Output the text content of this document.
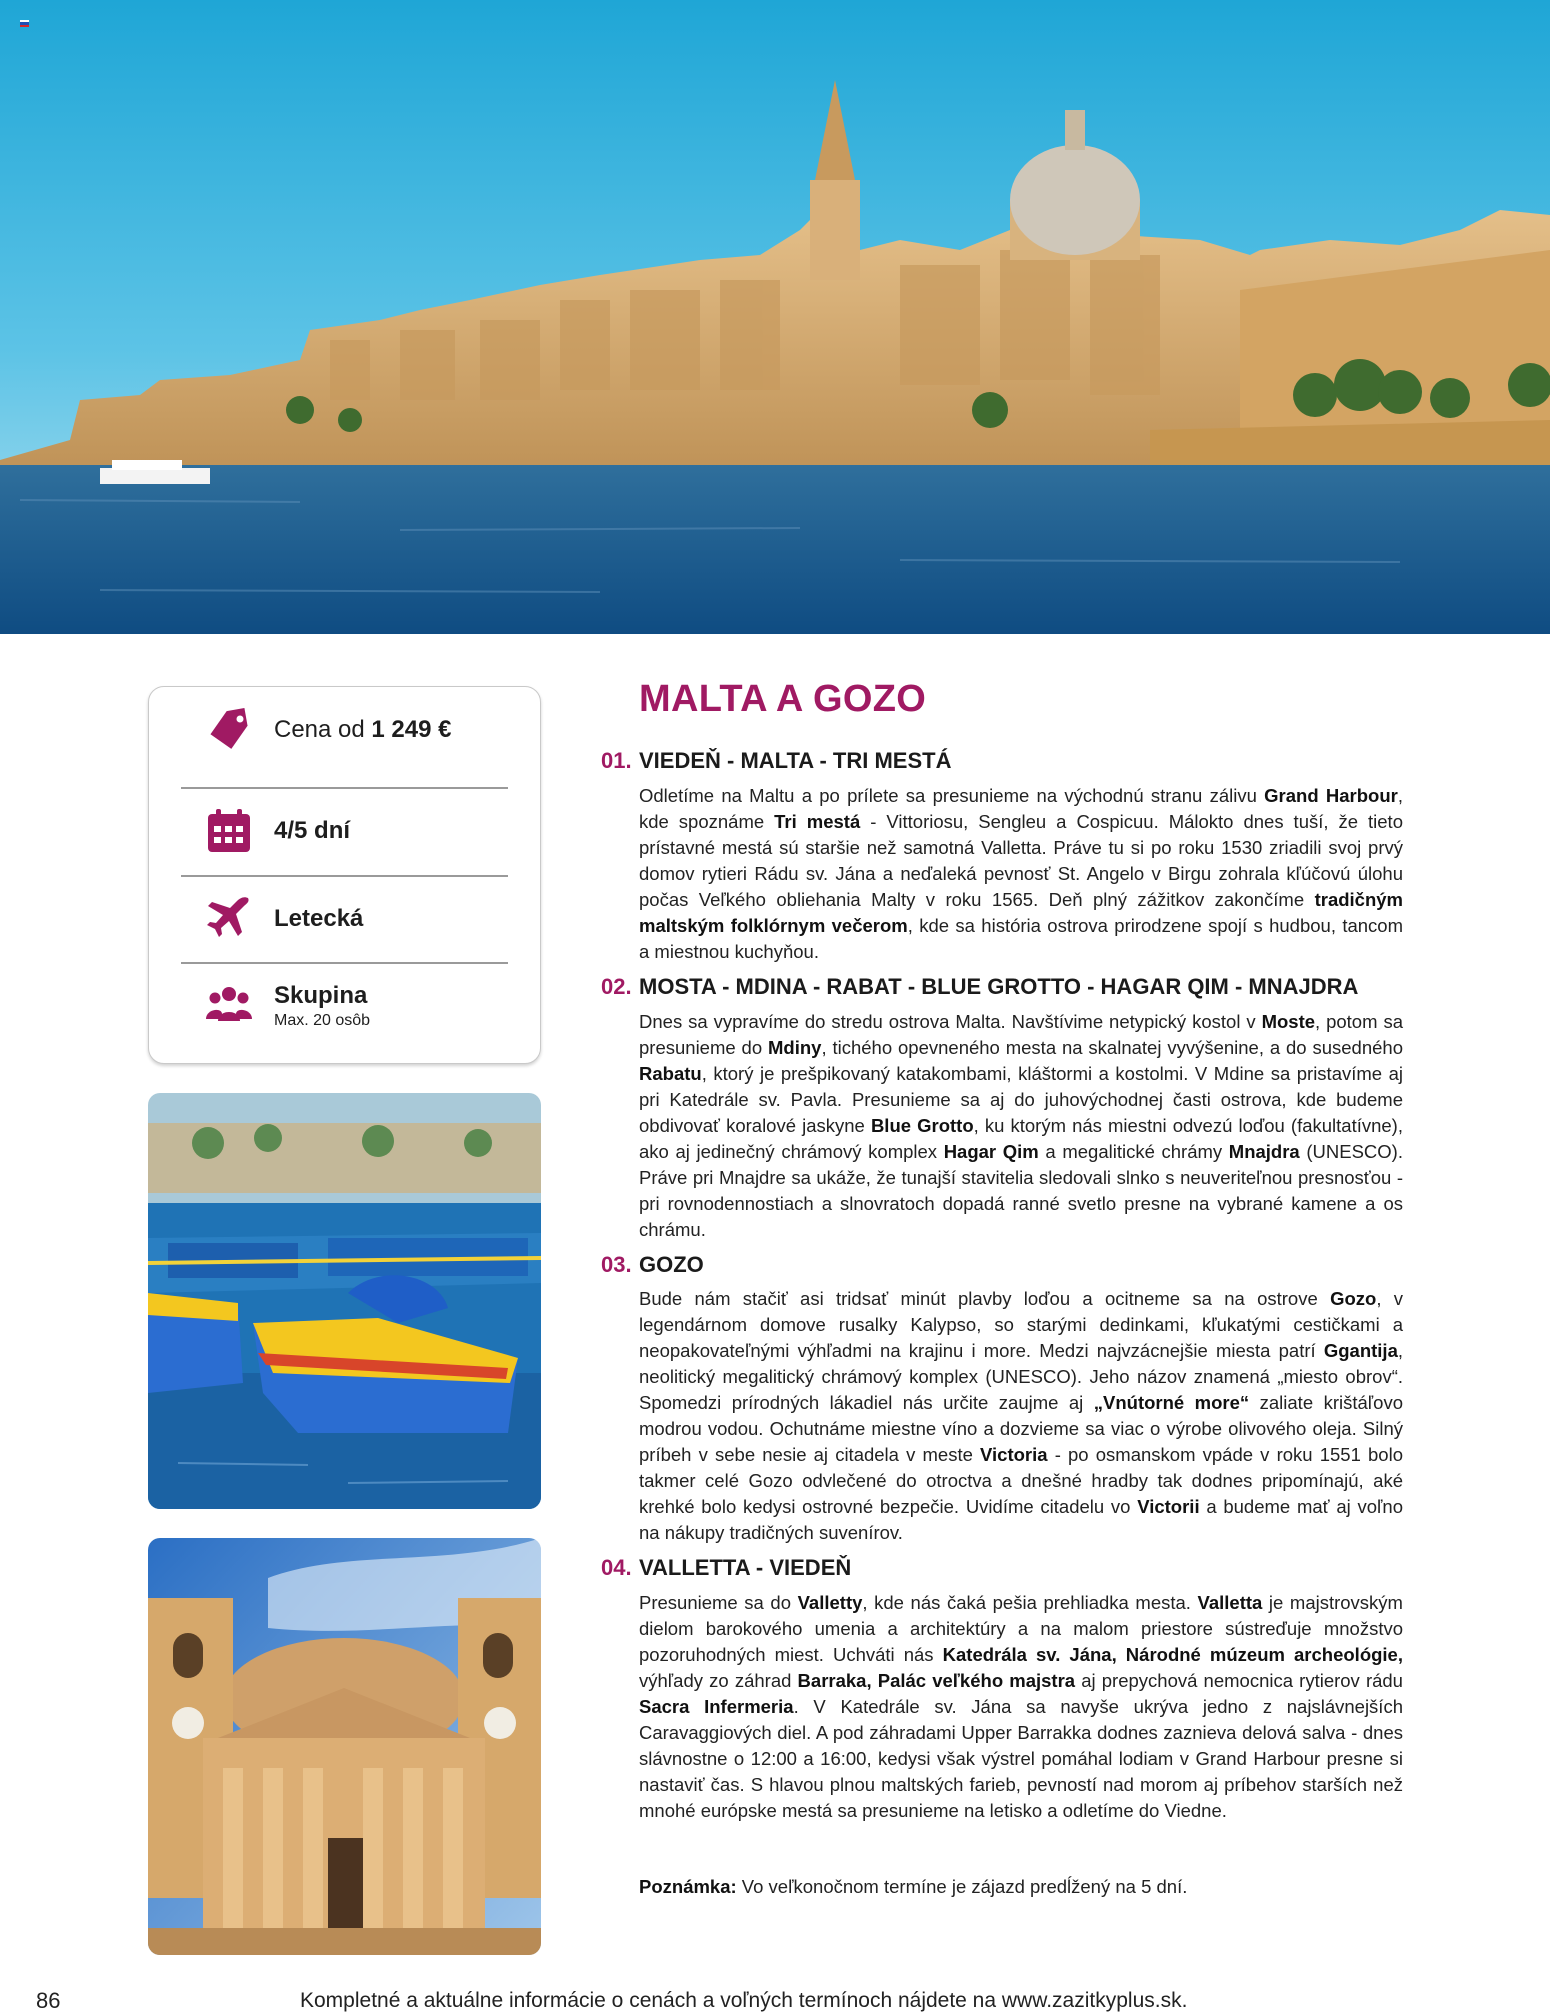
Cena od 1 249 €
4/5 dní
Letecká
Skupina
Max. 20 osôb
MALTA A GOZO
01. VIEDEŇ - MALTA - TRI MESTÁ
Odletíme na Maltu a po prílete sa presunieme na východnú stranu zálivu Grand Harbour, kde spoznáme Tri mestá - Vittoriosu, Sengleu a Cospicuu. Málokto dnes tuší, že tieto prístavné mestá sú staršie než samotná Valletta. Práve tu si po roku 1530 zriadili svoj prvý domov rytieri Rádu sv. Jána a neďaleká pevnosť St. Angelo v Birgu zohrala kľúčovú úlohu počas Veľkého obliehania Malty v roku 1565. Deň plný zážitkov zakončíme tradičným maltským folklórnym večerom, kde sa história ostrova prirodzene spojí s hudbou, tancom a miestnou kuchyňou.
02. MOSTA - MDINA - RABAT - BLUE GROTTO - HAGAR QIM - MNAJDRA
Dnes sa vypravíme do stredu ostrova Malta. Navštívime netypický kostol v Moste, potom sa presunieme do Mdiny, tichého opevneného mesta na skalnatej vyvýšenine, a do susedného Rabatu, ktorý je prešpikovaný katakombami, kláštormi a kostolmi. V Mdine sa pristavíme aj pri Katedrále sv. Pavla. Presunieme sa aj do juhovýchodnej časti ostrova, kde budeme obdivovať koralové jaskyne Blue Grotto, ku ktorým nás miestni odvezú loďou (fakultatívne), ako aj jedinečný chrámový komplex Hagar Qim a megalitické chrámy Mnajdra (UNESCO). Práve pri Mnajdre sa ukáže, že tunajší stavitelia sledovali slnko s neuveriteľnou presnosťou - pri rovnodennostiach a slnovratoch dopadá ranné svetlo presne na vybrané kamene a os chrámu.
03. GOZO
Bude nám stačiť asi tridsať minút plavby loďou a ocitneme sa na ostrove Gozo, v legendárnom domove rusalky Kalypso, so starými dedinkami, kľukatými cestičkami a neopakovateľnými výhľadmi na krajinu i more. Medzi najvzácnejšie miesta patrí Ggantija, neolitický megalitický chrámový komplex (UNESCO). Jeho názov znamená „miesto obrov“. Spomedzi prírodných lákadiel nás určite zaujme aj „Vnútorné more“ zaliate krištáľovo modrou vodou. Ochutnáme miestne víno a dozvieme sa viac o výrobe olivového oleja. Silný príbeh v sebe nesie aj citadela v meste Victoria - po osmanskom vpáde v roku 1551 bolo takmer celé Gozo odvlečené do otroctva a dnešné hradby tak dodnes pripomínajú, aké krehké bolo kedysi ostrovné bezpečie. Uvidíme citadelu vo Victorii a budeme mať aj voľno na nákupy tradičných suvenírov.
04. VALLETTA - VIEDEŇ
Presunieme sa do Valletty, kde nás čaká pešia prehliadka mesta. Valletta je majstrovským dielom barokového umenia a architektúry a na malom priestore sústreďuje množstvo pozoruhodných miest. Uchváti nás Katedrála sv. Jána, Národné múzeum archeológie, výhľady zo záhrad Barraka, Palác veľkého majstra aj prepychová nemocnica rytierov rádu Sacra Infermeria. V Katedrále sv. Jána sa navyše ukrýva jedno z najslávnejších Caravaggiových diel. A pod záhradami Upper Barrakka dodnes zaznieva delová salva - dnes slávnostne o 12:00 a 16:00, kedysi však výstrel pomáhal lodiam v Grand Harbour presne si nastaviť čas. S hlavou plnou maltských farieb, pevností nad morom aj príbehov starších než mnohé európske mestá sa presunieme na letisko a odletíme do Viedne.
Poznámka: Vo veľkonočnom termíne je zájazd predĺžený na 5 dní.
86	Kompletné a aktuálne informácie o cenách a voľných termínoch nájdete na www.zazitkyplus.sk.
